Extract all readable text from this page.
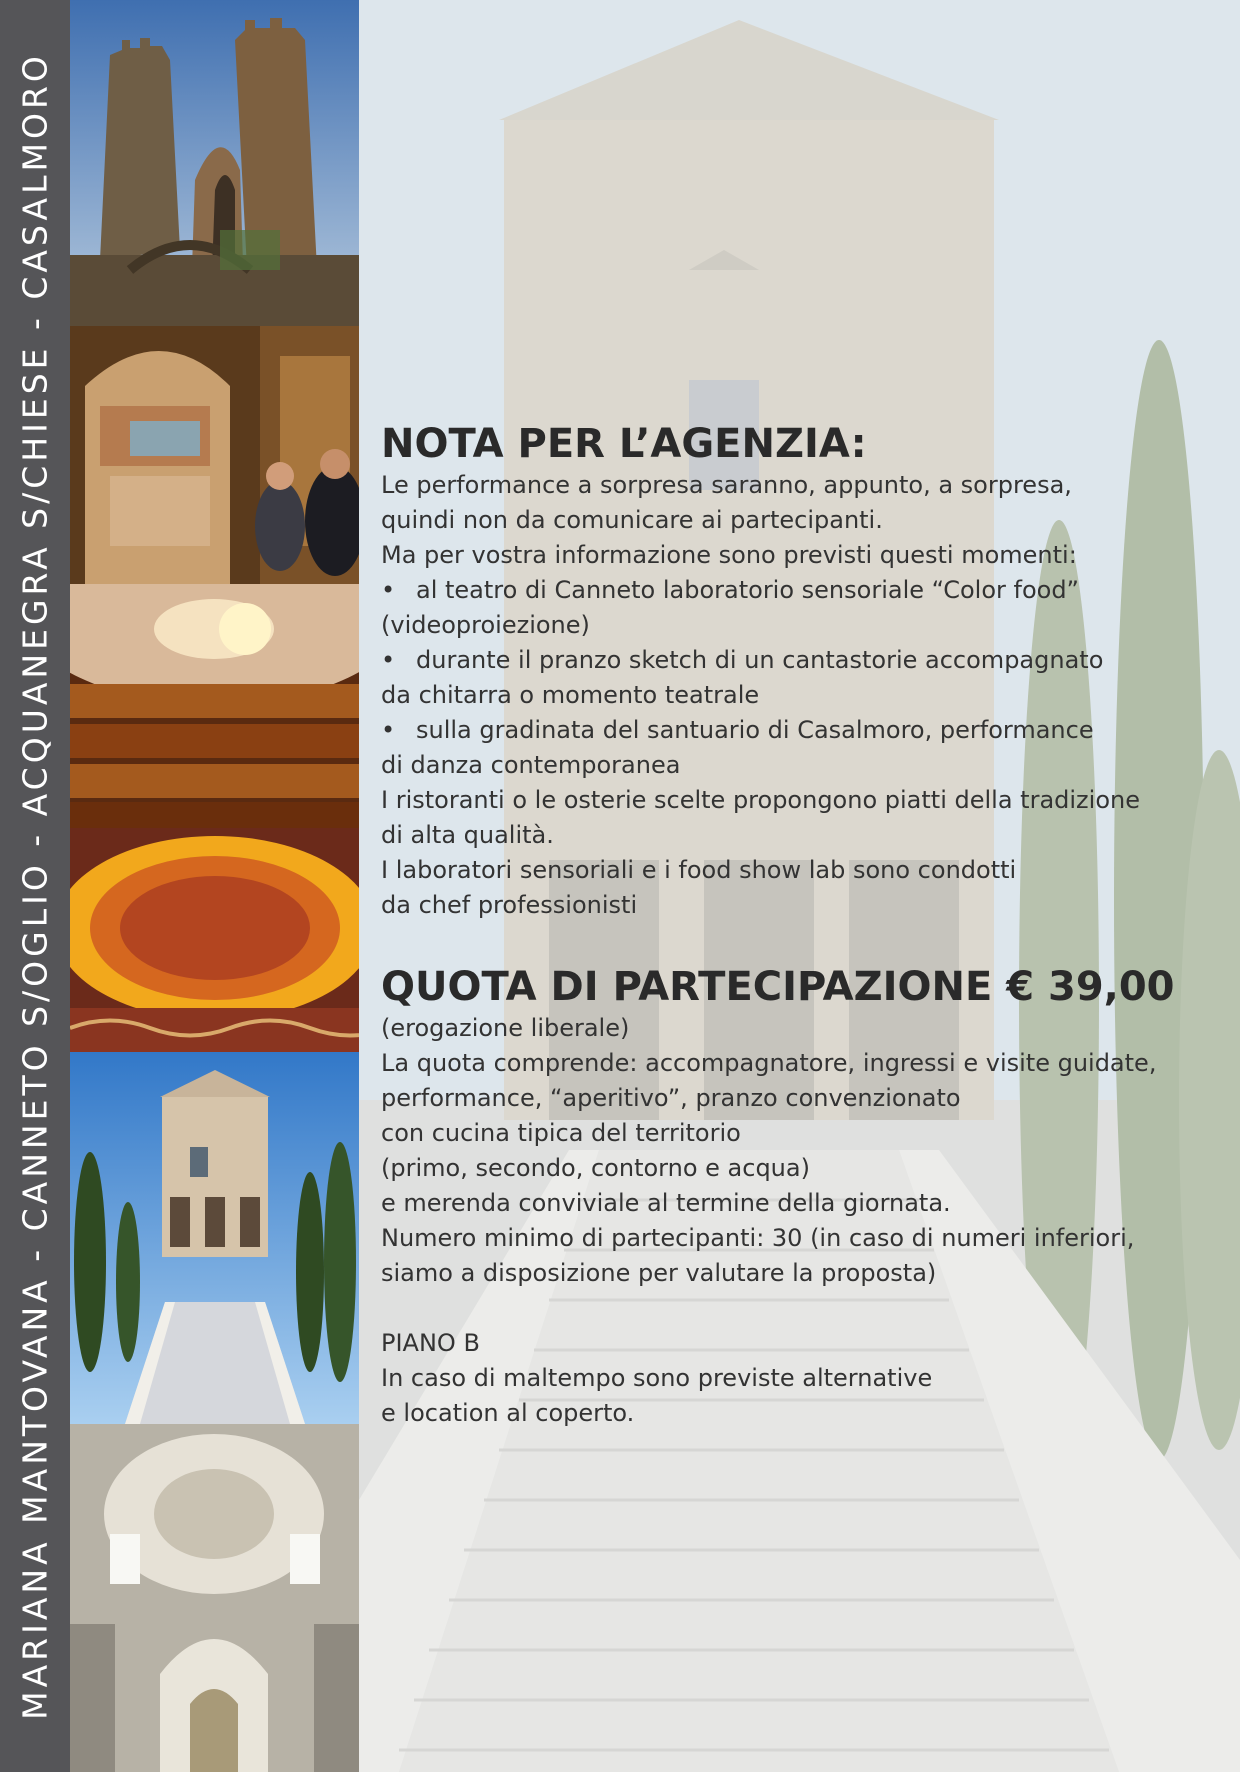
MARIANA MANTOVANA - CANNETO S/OGLIO - ACQUANEGRA S/CHIESE - CASALMORO	NOTA PER L’AGENZIA:
Le performance a sorpresa saranno, appunto, a sorpresa,
quindi non da comunicare ai partecipanti.
Ma per vostra informazione sono previsti questi momenti:
• al teatro di Canneto laboratorio sensoriale “Color food”
(videoproiezione)
• durante il pranzo sketch di un cantastorie accompagnato
da chitarra o momento teatrale
• sulla gradinata del santuario di Casalmoro, performance
di danza contemporanea
I ristoranti o le osterie scelte propongono piatti della tradizione
di alta qualità.
I laboratori sensoriali e i food show lab sono condotti
da chef professionisti
QUOTA DI PARTECIPAZIONE € 39,00
(erogazione liberale)
La quota comprende: accompagnatore, ingressi e visite guidate,
performance, “aperitivo”, pranzo convenzionato
con cucina tipica del territorio
(primo, secondo, contorno e acqua)
e merenda conviviale al termine della giornata.
Numero minimo di partecipanti: 30 (in caso di numeri inferiori,
siamo a disposizione per valutare la proposta)
PIANO B
In caso di maltempo sono previste alternative
e location al coperto.
